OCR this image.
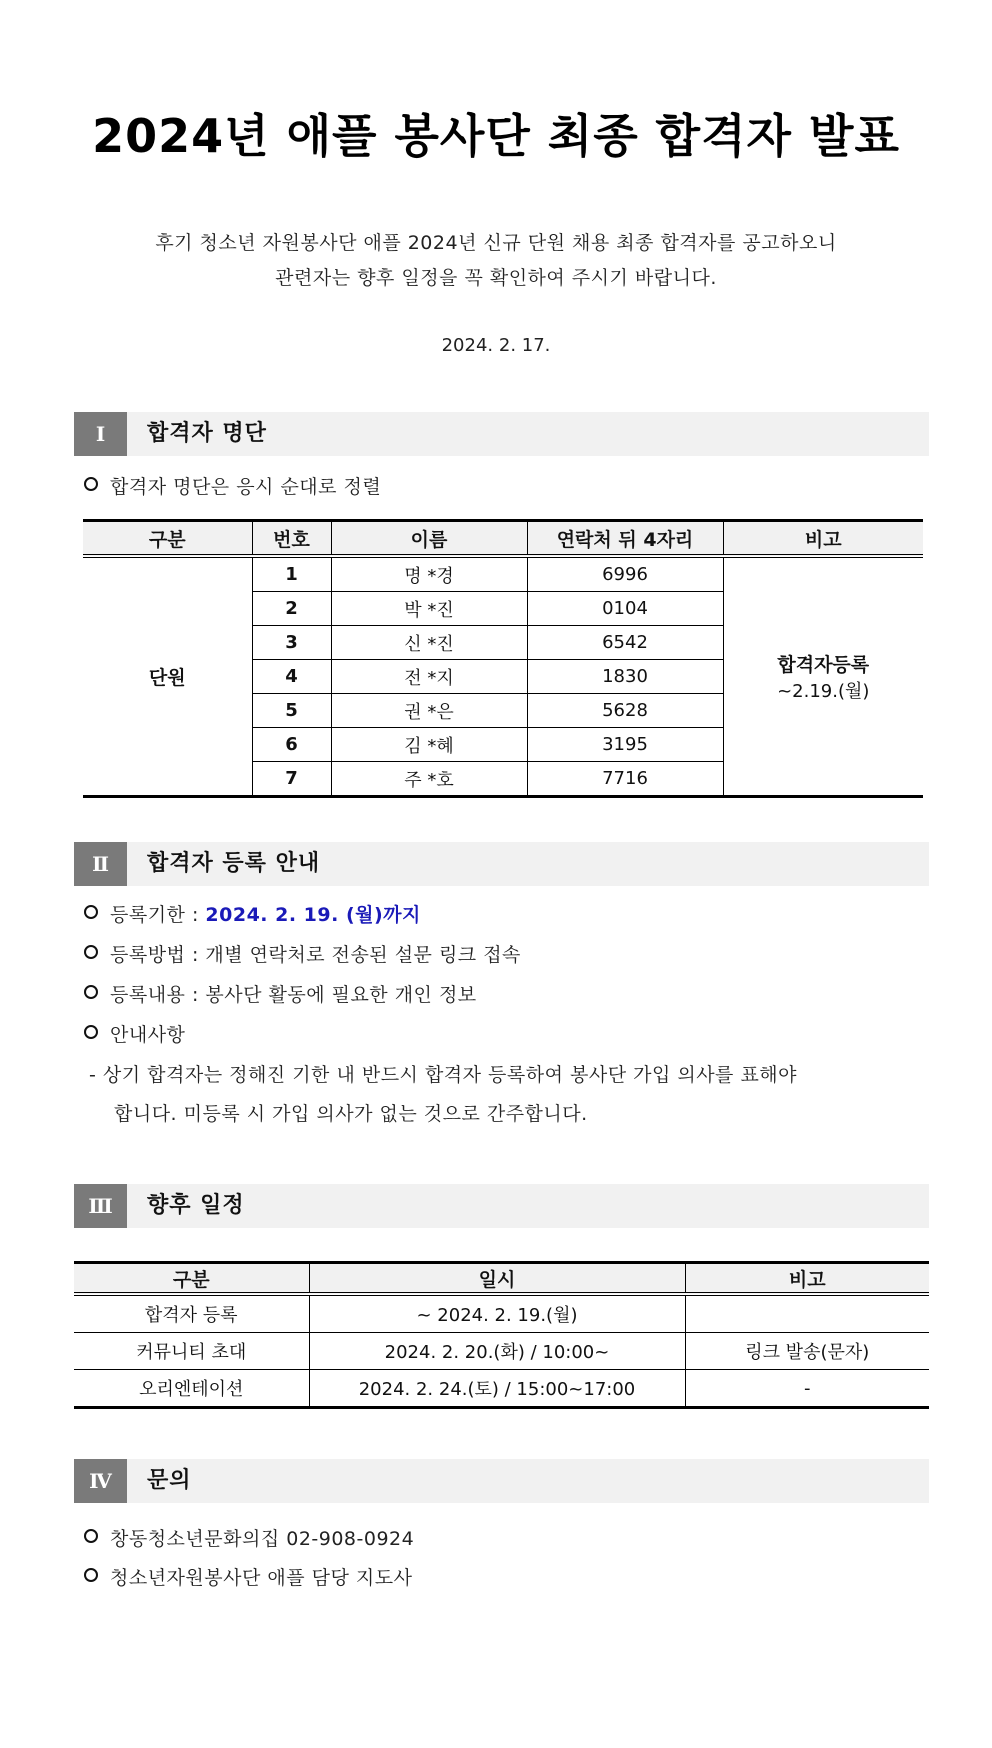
2024년 애플 봉사단 최종 합격자 발표
후기 청소년 자원봉사단 애플 2024년 신규 단원 채용 최종 합격자를 공고하오니
관련자는 향후 일정을 꼭 확인하여 주시기 바랍니다.
2024. 2. 17.
Ⅰ	합격자 명단
합격자 명단은 응시 순대로 정렬
구분	번호	이름	연락처 뒤 4자리	비고
단원	1	명 *경	6996	합격자등록
~2.19.(월)

	2	박 *진	0104	
	3	신 *진	6542	
	4	전 *지	1830	
	5	권 *은	5628	
	6	김 *혜	3195	
	7	주 *호	7716	
Ⅱ	합격자 등록 안내
등록기한 : 2024. 2. 19. (월)까지
등록방법 : 개별 연락처로 전송된 설문 링크 접속
등록내용 : 봉사단 활동에 필요한 개인 정보
안내사항
- 상기 합격자는 정해진 기한 내 반드시 합격자 등록하여 봉사단 가입 의사를 표해야
합니다. 미등록 시 가입 의사가 없는 것으로 간주합니다.
Ⅲ	향후 일정
구분	일시	비고
합격자 등록	~ 2024. 2. 19.(월)	
커뮤니티 초대	2024. 2. 20.(화) / 10:00~	링크 발송(문자)
오리엔테이션	2024. 2. 24.(토) / 15:00~17:00	-
Ⅳ	문의
창동청소년문화의집 02-908-0924
청소년자원봉사단 애플 담당 지도사
